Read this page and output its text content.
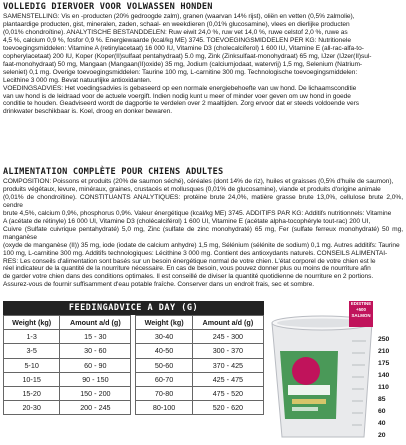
VOLLEDIG DIERVOER VOOR VOLWASSEN HONDEN
SAMENSTELLING: Vis en -producten (20% gedroogde zalm), granen (waarvan 14% rijst), oliën en vetten (0,5% zalmolie),
plantaardige producten, gist, mineralen, zaden, schaal- en weekdieren (0,01% glucosamine), vlees en dierlijke producten
(0,01% chondroïtine). ANALYTISCHE BESTANDDELEN: Ruw eiwit 24,0 %, ruw vet 14,0 %, ruwe celstof 2,0 %, ruwe as
4,5 %, calcium 0,9 %, fosfor 0,9 %. Energiewaarde (kcal/kg ME) 3745. TOEVOEGINGSMIDDELEN PER KG: Nutritionele
toevoegingsmiddelen: Vitamine A (retinylacetaat) 16 000 IU, Vitamine D3 (cholecalciferol) 1 600 IU, Vitamine E (all-rac-alfa-to-
copherylacetaat) 200 IU, Koper (Koper(II)sulfaat pentahydraat) 5.0 mg, Zink (Zinksulfaat-monohydraat) 65 mg, IJzer (IJzer(II)sul-
faat-monohydraat) 50 mg, Mangaan (Mangaan(II)oxide) 35 mg, Jodium (calciumjodaat, watervrij) 1,5 mg, Selenium (Natrium-
seleniet) 0,1 mg. Overige toevoegingsmiddelen: Taurine 100 mg, L-carnitine 300 mg. Technologische toevoegingsmiddelen:
Lecithine 3 000 mg. Bevat natuurlijke antioxidanten.
VOEDINGSADVIES: Het voedingsadvies is gebaseerd op een normale energiebehoefte van uw hond. De lichaamsconditie
van uw hond is de leidraad voor de actuele voergift. Indien nodig kunt u meer of minder voer geven om uw hond in goede
conditie te houden. Geadviseerd wordt de dagportie te verdelen over 2 maaltijden. Zorg ervoor dat er steeds voldoende vers
drinkwater beschikbaar is. Koel, droog en donker bewaren.
ALIMENTATION COMPLÈTE POUR CHIENS ADULTES
COMPOSITION: Poissons et produits (20% de saumon séché), céréales (dont 14% de riz), huiles et graisses (0,5% d'huile de saumon),
produits végétaux, levure, minéraux, graines, crustacés et mollusques (0,01% de glucosamine), viande et produits d'origine animale
(0,01% de chondroïtine). CONSTITUANTS ANALYTIQUES: protéine brute 24,0%, matière grasse brute 13,0%, cellulose brute 2,0%, cendre
brute 4,5%, calcium 0,9%, phosphorus 0,9%. Valeur énergétique (kcal/kg ME) 3745. ADDITIFS PAR KG: Additifs nutritionnels: Vitamine
A (acétate de rétinyle) 16 000 UI, Vitamine D3 (cholécalciférol) 1 600 UI, Vitamine E (acétate alpha-tocophéryle tout-rac) 200 UI,
Cuivre (Sulfate cuivrique pentahydraté) 5,0 mg, Zinc (sulfate de zinc monohydraté) 65 mg, Fer (sulfate ferreux monohydraté) 50 mg, manganèse
(oxyde de manganèse (II)) 35 mg, iode (iodate de calcium anhydre) 1,5 mg, Sélénium (sélénite de sodium) 0,1 mg. Autres additifs: Taurine
100 mg, L-carnitine 300 mg. Additifs technologiques: Lécithine 3 000 mg. Contient des antioxydants naturels. CONSEILS ALIMENTAI-
RES: Les conseils d'alimentation sont basés sur un besoin énergétique normal de votre chien. L'état corporel de votre chien est le
réel indicateur de la quantité de la nourriture nécessaire. En cas de besoin, vous pouvez donner plus ou moins de nourriture afin
de garder votre chien dans des conditions optimales. Il est conseillé de diviser la quantité quotidienne de nourriture en 2 portions.
Assurez-vous de fournir suffisamment d'eau potable fraîche. Conserver dans un endroit frais, sec et sombre.
FEEDINGADVICE A DAY (G)
Weight (kg)	Amount a/d (g)		Weight (kg)	Amount a/d (g)
1-3	15 - 30		30-40	245 - 300
3-5	30 - 60		40-50	300 - 370
5-10	60 - 90		50-60	370 - 425
10-15	90 - 150		60-70	425 - 475
15-20	150 - 200		70-80	475 - 520
20-30	200 - 245		80-100	520 - 620
EDISTINE
+500
SALMON
250
210
175
140
110
85
60
40
20
